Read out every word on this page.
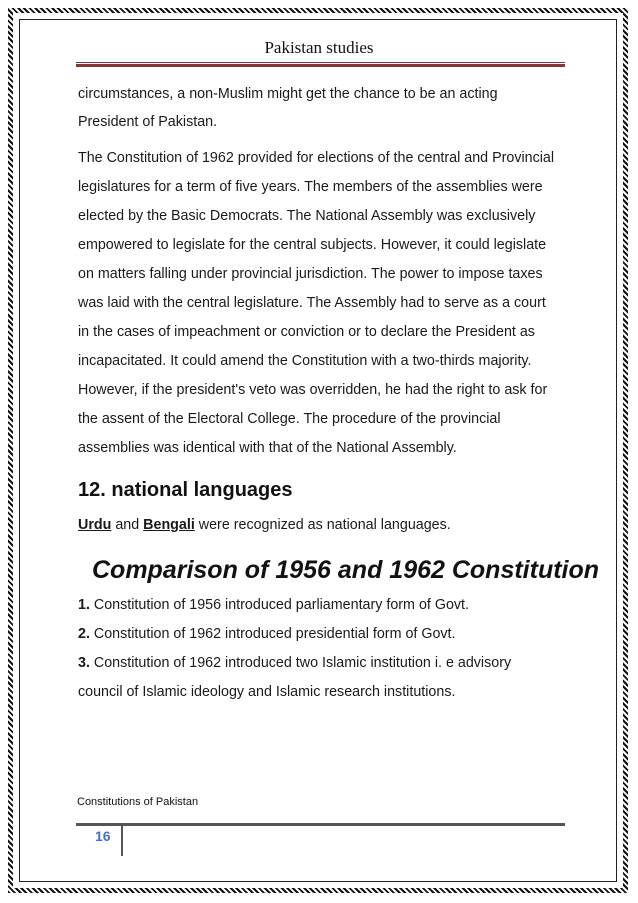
Pakistan studies

circumstances, a non-Muslim might get the chance to be an acting President of Pakistan.

The Constitution of 1962 provided for elections of the central and Provincial legislatures for a term of five years. The members of the assemblies were elected by the Basic Democrats. The National Assembly was exclusively empowered to legislate for the central subjects. However, it could legislate on matters falling under provincial jurisdiction. The power to impose taxes was laid with the central legislature. The Assembly had to serve as a court in the cases of impeachment or conviction or to declare the President as incapacitated. It could amend the Constitution with a two-thirds majority. However, if the president's veto was overridden, he had the right to ask for the assent of the Electoral College. The procedure of the provincial assemblies was identical with that of the National Assembly.

12. national languages

Urdu and Bengali were recognized as national languages.

Comparison of 1956 and 1962 Constitution

1. Constitution of 1956 introduced parliamentary form of Govt.

2. Constitution of 1962 introduced presidential form of Govt.

3. Constitution of 1962 introduced two Islamic institution i. e advisory council of Islamic ideology and Islamic research institutions.

Constitutions of Pakistan
16
